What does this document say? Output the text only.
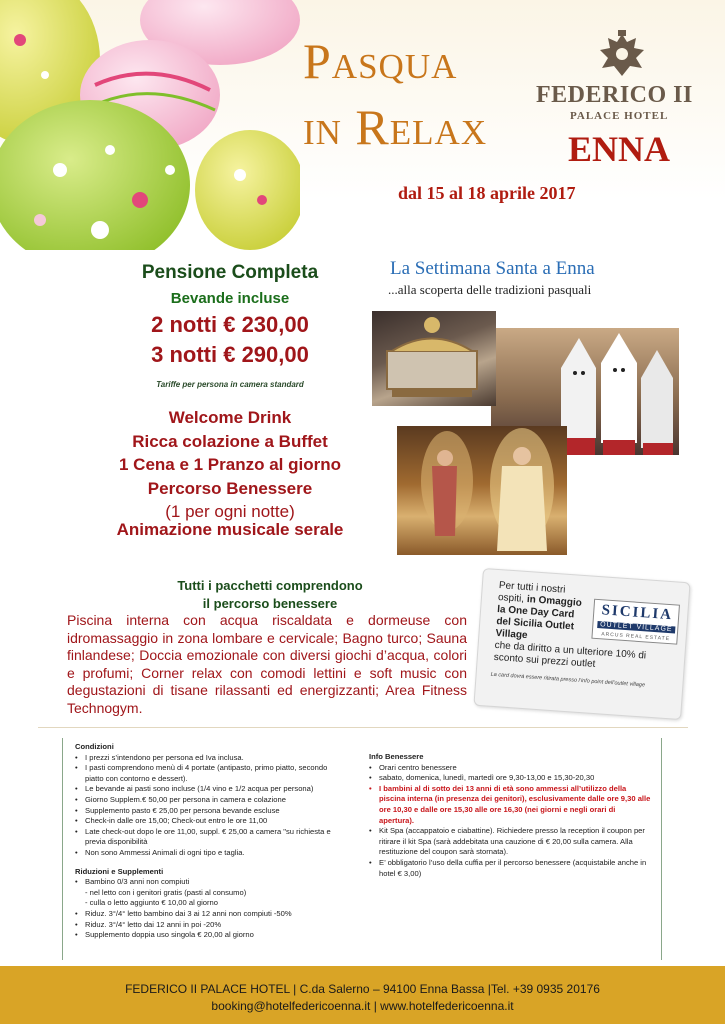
Pasqua
in Relax
FEDERICO II
PALACE HOTEL
ENNA
dal 15 al 18 aprile 2017
Pensione Completa
Bevande incluse
2 notti € 230,00
3 notti € 290,00
Tariffe per persona in camera standard
Welcome Drink
Ricca colazione a Buffet
1 Cena e 1 Pranzo al giorno
Percorso Benessere
(1 per ogni notte)
Animazione musicale serale
La Settimana Santa a Enna
...alla scoperta delle tradizioni pasquali
Tutti i pacchetti comprendono
il percorso benessere
Piscina interna con acqua riscaldata e dormeuse con idromassaggio in zona lombare e cervicale; Bagno turco; Sauna finlandese; Doccia emozionale con diversi giochi d’acqua, colori e profumi; Corner relax con comodi lettini e soft music con degustazioni di tisane rilassanti ed energizzanti; Area Fitness Technogym.
Per tutti i nostri
ospiti, in Omaggio la One Day Card del Sicilia Outlet Village
SICILIA
OUTLET VILLAGE
ARCUS REAL ESTATE
che da diritto a un ulteriore 10% di sconto sui prezzi outlet
La card dovrà essere ritirata presso l’info point dell’outlet village
Condizioni
• I prezzi s’intendono per persona ed Iva inclusa.
• I pasti comprendono menù di 4 portate (antipasto, primo piatto, secondo piatto con contorno e dessert).
• Le bevande ai pasti sono incluse (1/4 vino e 1/2 acqua per persona)
• Giorno Supplem.€ 50,00 per persona in camera e colazione
• Supplemento pasto € 25,00 per persona bevande escluse
• Check-in dalle ore 15,00; Check-out entro le ore 11,00
• Late check-out dopo le ore 11,00, suppl. € 25,00 a camera "su richiesta e previa disponibilità
• Non sono Ammessi Animali di ogni tipo e taglia.
Riduzioni e Supplementi
• Bambino 0/3 anni non compiuti
- nel letto con i genitori gratis (pasti al consumo)
- culla o letto aggiunto € 10,00 al giorno
• Riduz. 3°/4° letto bambino dai 3 ai 12 anni non compiuti -50%
• Riduz. 3°/4° letto dai 12 anni in poi -20%
• Supplemento doppia uso singola € 20,00 al giorno
Info Benessere
• Orari centro benessere
• sabato, domenica, lunedì, martedì ore 9,30-13,00 e 15,30-20,30
• I bambini al di sotto dei 13 anni di età sono ammessi all’utilizzo della piscina interna (in presenza dei genitori), esclusivamente dalle ore 9,30 alle ore 10,30 e dalle ore 15,30 alle ore 16,30 (nei giorni e negli orari di apertura).
• Kit Spa (accappatoio e ciabattine). Richiedere presso la reception il coupon per ritirare il kit Spa (sarà addebitata una cauzione di € 20,00 sulla camera. Alla restituzione del coupon sarà stornata).
• E’ obbligatorio l’uso della cuffia per il percorso benessere (acquistabile anche in hotel € 3,00)
FEDERICO II PALACE HOTEL | C.da Salerno – 94100 Enna Bassa |Tel. +39 0935 20176
booking@hotelfedericoenna.it | www.hotelfedericoenna.it
